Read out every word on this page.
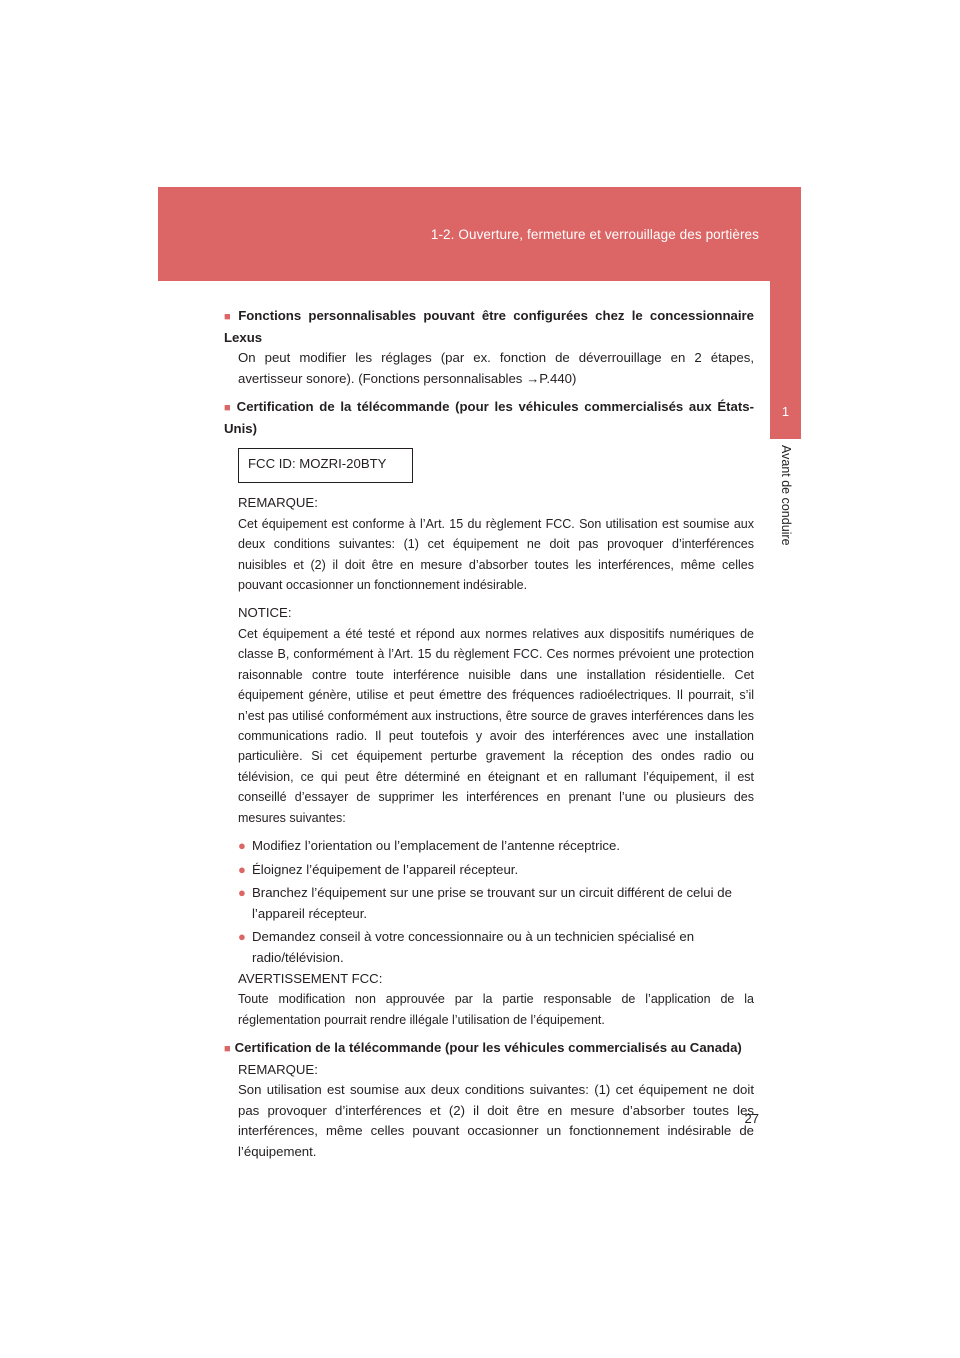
1-2. Ouverture, fermeture et verrouillage des portières
1
Avant de conduire
■ Fonctions personnalisables pouvant être configurées chez le concessionnaire Lexus
On peut modifier les réglages (par ex. fonction de déverrouillage en 2 étapes, avertisseur sonore). (Fonctions personnalisables →P.440)
■ Certification de la télécommande (pour les véhicules commercialisés aux États-Unis)
FCC ID: MOZRI-20BTY
REMARQUE:
Cet équipement est conforme à l’Art. 15 du règlement FCC. Son utilisation est soumise aux deux conditions suivantes: (1) cet équipement ne doit pas provoquer d’interférences nuisibles et (2) il doit être en mesure d’absorber toutes les interférences, même celles pouvant occasionner un fonctionnement indésirable.
NOTICE:
Cet équipement a été testé et répond aux normes relatives aux dispositifs numériques de classe B, conformément à l’Art. 15 du règlement FCC. Ces normes prévoient une protection raisonnable contre toute interférence nuisible dans une installation résidentielle. Cet équipement génère, utilise et peut émettre des fréquences radioélectriques. Il pourrait, s’il n’est pas utilisé conformément aux instructions, être source de graves interférences dans les communications radio. Il peut toutefois y avoir des interférences avec une installation particulière. Si cet équipement perturbe gravement la réception des ondes radio ou télévision, ce qui peut être déterminé en éteignant et en rallumant l’équipement, il est conseillé d’essayer de supprimer les interférences en prenant l’une ou plusieurs des mesures suivantes:
● Modifiez l’orientation ou l’emplacement de l’antenne réceptrice.
● Éloignez l’équipement de l’appareil récepteur.
● Branchez l’équipement sur une prise se trouvant sur un circuit différent de celui de l’appareil récepteur.
● Demandez conseil à votre concessionnaire ou à un technicien spécialisé en radio/télévision.
AVERTISSEMENT FCC:
Toute modification non approuvée par la partie responsable de l’application de la réglementation pourrait rendre illégale l’utilisation de l’équipement.
■ Certification de la télécommande (pour les véhicules commercialisés au Canada)
REMARQUE:
Son utilisation est soumise aux deux conditions suivantes: (1) cet équipement ne doit pas provoquer d’interférences et (2) il doit être en mesure d’absorber toutes les interférences, même celles pouvant occasionner un fonctionnement indésirable de l’équipement.
27
